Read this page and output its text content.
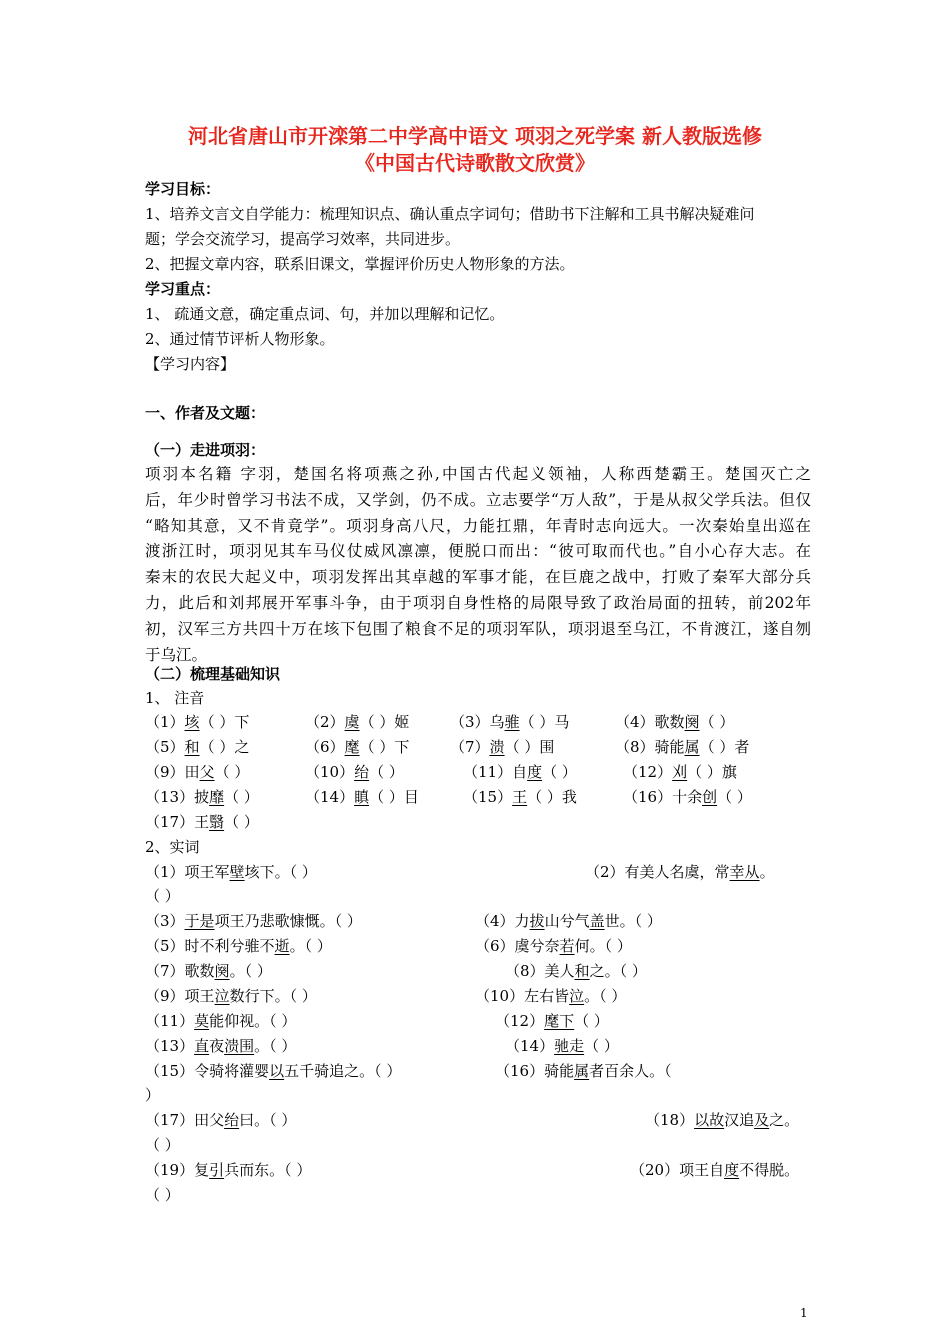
河北省唐山市开滦第二中学高中语文 项羽之死学案 新人教版选修
《中国古代诗歌散文欣赏》
学习目标：
1、培养文言文自学能力：梳理知识点、确认重点字词句；借助书下注解和工具书解决疑难问
题；学会交流学习，提高学习效率，共同进步。
2、把握文章内容，联系旧课文，掌握评价历史人物形象的方法。
学习重点：
1、 疏通文意，确定重点词、句，并加以理解和记忆。
2、通过情节评析人物形象。
【学习内容】
一、作者及文题：
（一）走进项羽：
项羽本名籍 字羽，楚国名将项燕之孙,中国古代起义领袖，人称西楚霸王。楚国灭亡之
后，年少时曾学习书法不成，又学剑，仍不成。立志要学“万人敌”，于是从叔父学兵法。但仅
“略知其意，又不肯竟学”。项羽身高八尺，力能扛鼎，年青时志向远大。一次秦始皇出巡在
渡浙江时，项羽见其车马仪仗威风凛凛，便脱口而出：“彼可取而代也。”自小心存大志。在
秦末的农民大起义中，项羽发挥出其卓越的军事才能，在巨鹿之战中，打败了秦军大部分兵
力，此后和刘邦展开军事斗争，由于项羽自身性格的局限导致了政治局面的扭转，前202年
初，汉军三方共四十万在垓下包围了粮食不足的项羽军队，项羽退至乌江，不肯渡江，遂自刎
于乌江。
（二）梳理基础知识
1、 注音
（1）垓（ ）下	（2）虞（ ）姬	（3）乌骓（ ）马	（4）歌数阕（ ）
（5）和（ ）之	（6）麾（ ）下	（7）溃（ ）围	（8）骑能属（ ）者
（9）田父（ ）	（10）绐（ ）	（11）自度（ ）	（12）刈（ ）旗
（13）披靡（ ）	（14）瞋（ ）目	（15）王（ ）我	（16）十余创（ ）
（17）王翳（ ）
2、实词
（1）项王军壁垓下。（ ）	（2）有美人名虞，常幸从。
（ ）
（3）于是项王乃悲歌慷慨。（ ）	（4）力拔山兮气盖世。（ ）
（5）时不利兮骓不逝。（ ）	（6）虞兮奈若何。（ ）
（7）歌数阕。（ ）	（8）美人和之。（ ）
（9）项王泣数行下。（ ）	（10）左右皆泣。（ ）
（11）莫能仰视。（ ）	（12）麾下（ ）
（13）直夜溃围。（ ）	（14）驰走（ ）
（15）令骑将灌婴以五千骑追之。（ ）	（16）骑能属者百余人。（
）
（17）田父绐曰。（ ）	（18）以故汉追及之。
（ ）
（19）复引兵而东。（ ）	（20）项王自度不得脱。
（ ）
1
